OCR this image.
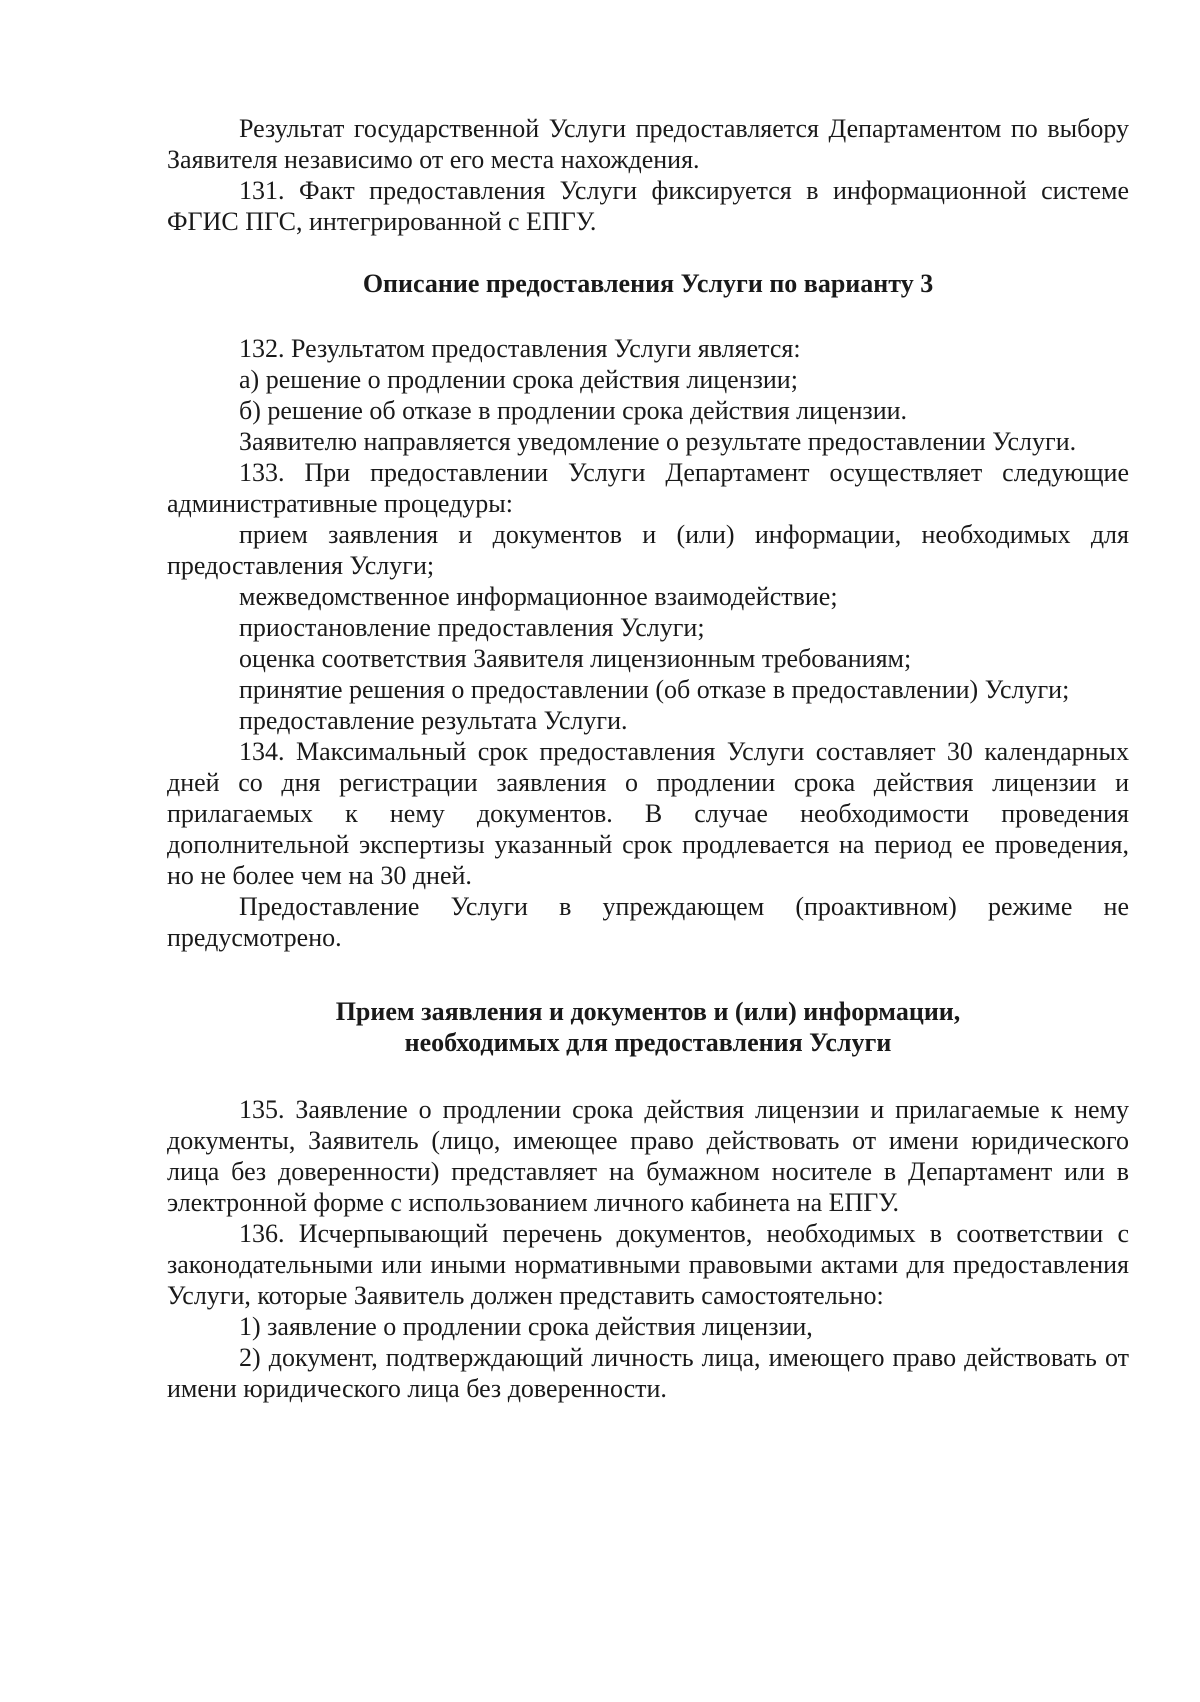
Результат государственной Услуги предоставляется Департаментом по выбору Заявителя независимо от его места нахождения.

131. Факт предоставления Услуги фиксируется в информационной системе ФГИС ПГС, интегрированной с ЕПГУ.

Описание предоставления Услуги по варианту 3

132. Результатом предоставления Услуги является:

а) решение о продлении срока действия лицензии;

б) решение об отказе в продлении срока действия лицензии.

Заявителю направляется уведомление о результате предоставлении Услуги.

133. При предоставлении Услуги Департамент осуществляет следующие административные процедуры:

прием заявления и документов и (или) информации, необходимых для предоставления Услуги;

межведомственное информационное взаимодействие;

приостановление предоставления Услуги;

оценка соответствия Заявителя лицензионным требованиям;

принятие решения о предоставлении (об отказе в предоставлении) Услуги;

предоставление результата Услуги.

134. Максимальный срок предоставления Услуги составляет 30 календарных дней со дня регистрации заявления о продлении срока действия лицензии и прилагаемых к нему документов. В случае необходимости проведения дополнительной экспертизы указанный срок продлевается на период ее проведения, но не более чем на 30 дней.

Предоставление Услуги в упреждающем (проактивном) режиме не предусмотрено.

Прием заявления и документов и (или) информации,
необходимых для предоставления Услуги

135. Заявление о продлении срока действия лицензии и прилагаемые к нему документы, Заявитель (лицо, имеющее право действовать от имени юридического лица без доверенности) представляет на бумажном носителе в Департамент или в электронной форме с использованием личного кабинета на ЕПГУ.

136. Исчерпывающий перечень документов, необходимых в соответствии с законодательными или иными нормативными правовыми актами для предоставления Услуги, которые Заявитель должен представить самостоятельно:

1) заявление о продлении срока действия лицензии,

2) документ, подтверждающий личность лица, имеющего право действовать от имени юридического лица без доверенности.
